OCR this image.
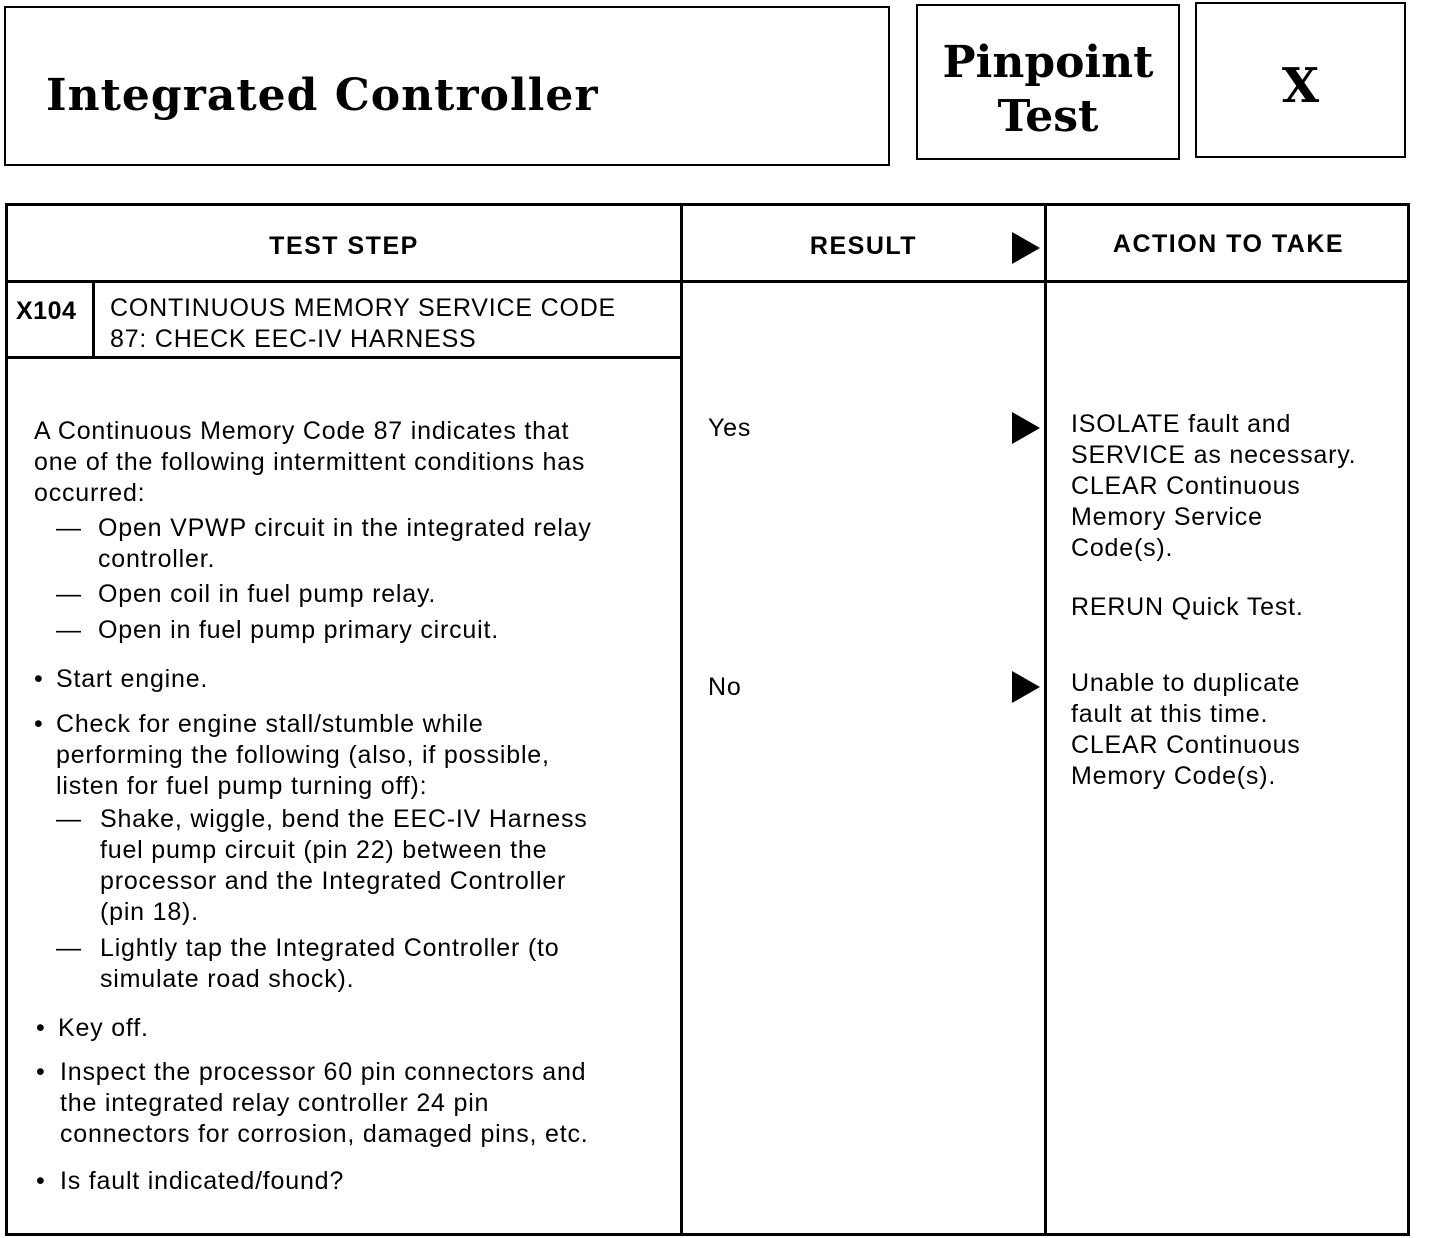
Integrated Controller
Pinpoint
Test
X
TEST STEP	RESULT	ACTION TO TAKE
X104 CONTINUOUS MEMORY SERVICE CODE
87: CHECK EEC-IV HARNESS
A Continuous Memory Code 87 indicates that
one of the following intermittent conditions has
occurred:
— Open VPWP circuit in the integrated relay
controller.
— Open coil in fuel pump relay.
— Open in fuel pump primary circuit.
• Start engine.
• Check for engine stall/stumble while
performing the following (also, if possible,
listen for fuel pump turning off):
— Shake, wiggle, bend the EEC-IV Harness
fuel pump circuit (pin 22) between the
processor and the Integrated Controller
(pin 18).
— Lightly tap the Integrated Controller (to
simulate road shock).
• Key off.
• Inspect the processor 60 pin connectors and
the integrated relay controller 24 pin
connectors for corrosion, damaged pins, etc.
• Is fault indicated/found?
Yes	ISOLATE fault and
SERVICE as necessary.
CLEAR Continuous
Memory Service
Code(s).
RERUN Quick Test.
No	Unable to duplicate
fault at this time.
CLEAR Continuous
Memory Code(s).
